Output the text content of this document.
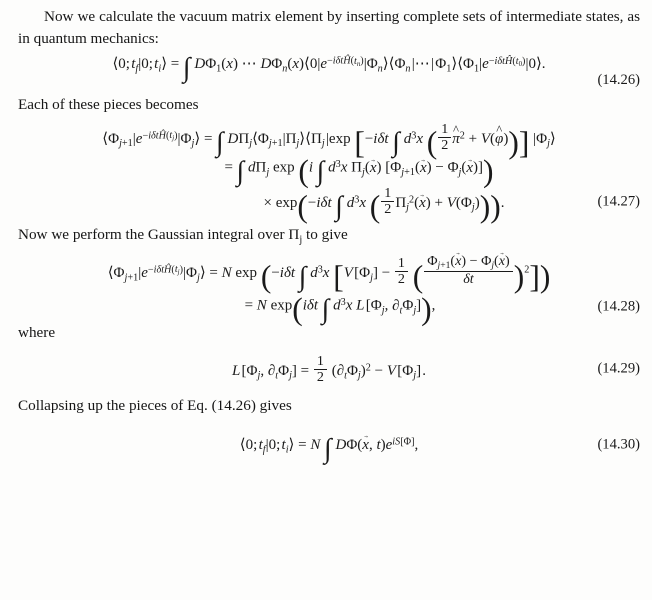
Now we calculate the vacuum matrix element by inserting complete sets of intermediate states, as in quantum mechanics:

⟨0; $t_f|0$; $t_i⟩$ = ∫ $D\Phi_1(x)$ ⋯ $D\Phi_n(x)⟨0|e^{-i\delta tĤ(t_n)}|\Phi_n⟩⟨\Phi_n$ |⋯ | $\Phi_1⟩⟨\Phi_1|e^{-i\delta tĤ(t_0)}|0⟩$.
(14.26)

Each of these pieces becomes

$⟨\Phi_{j+1}|e^{-i\delta tĤ(t_j)}|\Phi_j⟩$ = ∫ $D\Pi_j⟨\Phi_{j+1}|\Pi_j⟩⟨\Pi_j$ |exp [−iδt ∫ $d^3x$ ( $\frac{1}{2}$ π ^$^2$ + V(φ ^))] $|\Phi_j⟩$
= ∫ $d\Pi_j$ exp (i ∫ $d^3x$ $\Pi_j(x$ →) [$\Phi_{j+1}(x$ →) − $\Phi_j(x$ →)])
× exp(−iδt ∫ $d^3x$ ( $\frac{1}{2} \Pi_j^2(x$ →) + $V(\Phi_j)$)).	(14.27)

Now we perform the Gaussian integral over $\Pi_j$ to give

$⟨\Phi_{j+1}|e^{-i\delta tĤ(t_j)}|\Phi_j⟩ = N$ exp (−iδt ∫ $d^3x$ [V $[\Phi_j] - \frac{1}{2}$ ( $\frac{\Phi_{j+1}(x \to) - \Phi_j(x \to)}{\delta t} )^2$])
= N exp(iδt ∫ $d^3x$ L [$\Phi_j$, $\partial_t\Phi_j$]),	(14.28)

where

L [$\Phi_j$, $\partial_t\Phi_j] = \frac{1}{2} (\partial_t\Phi_j)^2 - V$ $[\Phi_j]$ .	(14.29)

Collapsing up the pieces of Eq. (14.26) gives

⟨0; $t_f|0$; $t_i⟩ = N$ ∫ DΦ(x →, $t)e^{iS[\Phi]}$,	(14.30)
